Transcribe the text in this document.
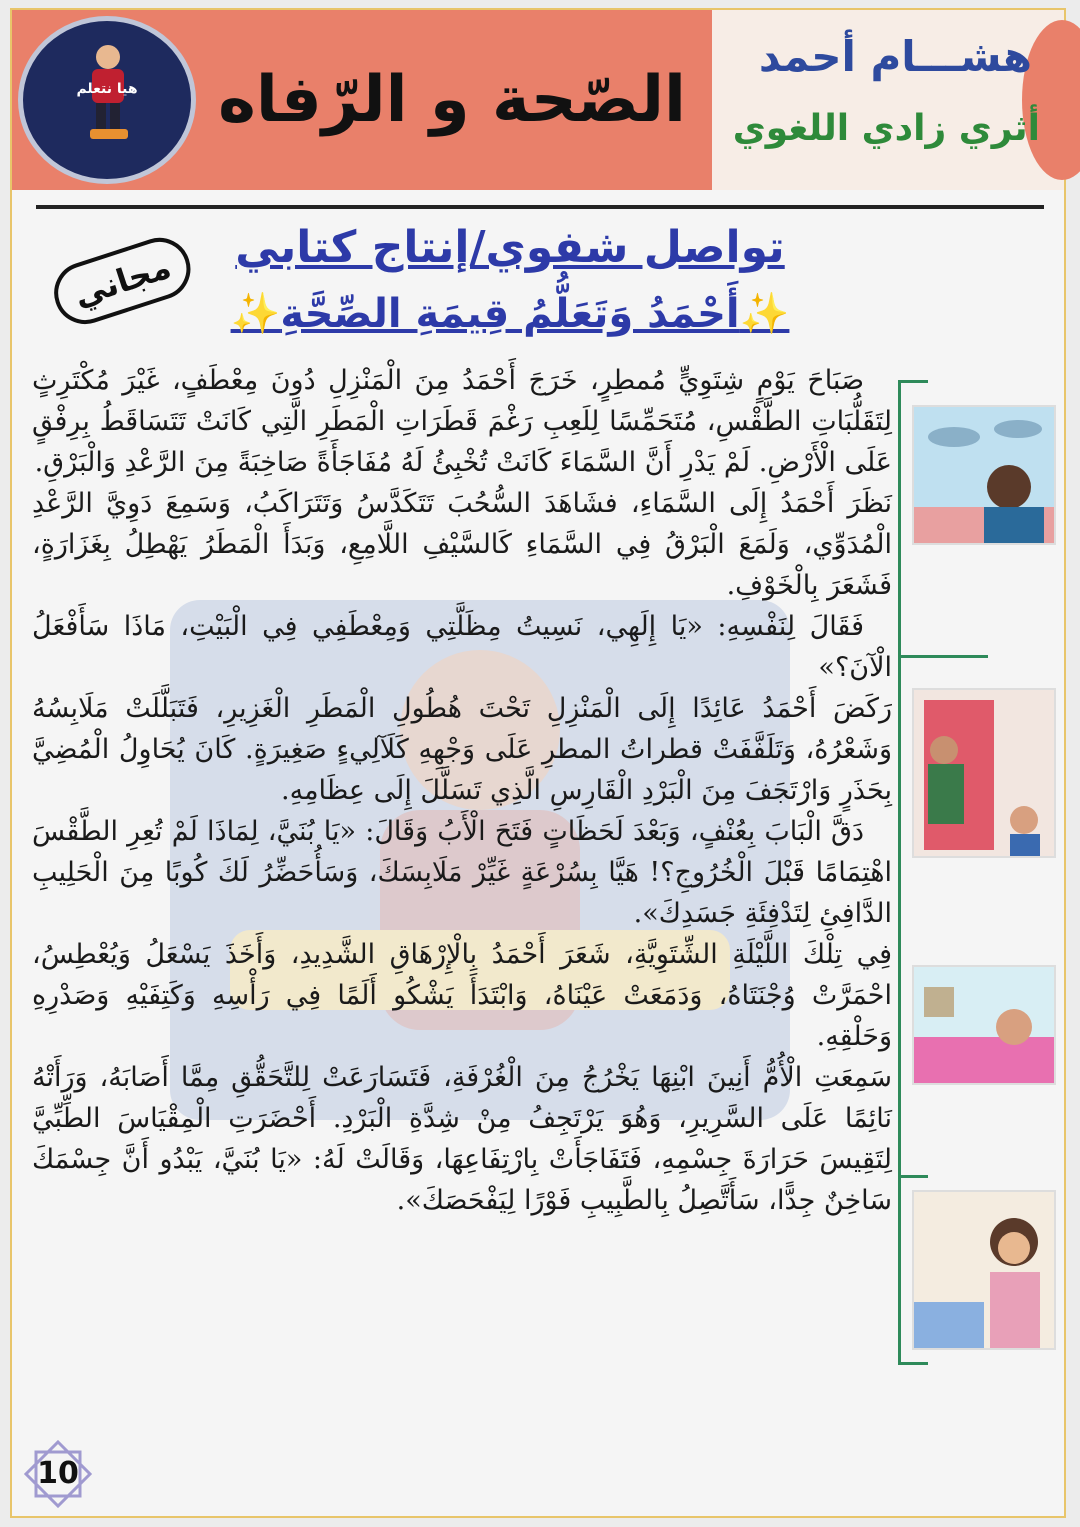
الصّحة و الرّفاه
هشـــام أحمد
أثري زادي اللغوي
هيا نتعلم
مجاني
تواصل شفوي/إنتاج كتابي
✨أَحْمَدُ وَتَعَلُّمُ قِيمَةِ الصِّحَّةِ✨

صَبَاحَ يَوْمٍ شِتَوِيٍّ مُمطِرٍ، خَرَجَ أَحْمَدُ مِنَ الْمَنْزِلِ دُونَ مِعْطَفٍ، غَيْرَ مُكْتَرِثٍ لِتَقَلُّبَاتِ الطَّقْسِ، مُتَحَمِّسًا لِلَعِبِ رَغْمَ قَطَرَاتِ الْمَطَرِ الَّتِي كَانَتْ تَتَسَاقَطُ بِرِفْقٍ عَلَى الْأَرْضِ. لَمْ يَدْرِ أَنَّ السَّمَاءَ كَانَتْ تُخْبِئُ لَهُ مُفَاجَأَةً صَاخِبَةً مِنَ الرَّعْدِ وَالْبَرْقِ.

نَظَرَ أَحْمَدُ إِلَى السَّمَاءِ، فشَاهَدَ السُّحُبَ تَتَكَدَّسُ وَتَتَرَاكَبُ، وَسَمِعَ دَوِيَّ الرَّعْدِ الْمُدَوِّي، وَلَمَعَ الْبَرْقُ فِي السَّمَاءِ كَالسَّيْفِ اللَّامِعِ، وَبَدَأَ الْمَطَرُ يَهْطِلُ بِغَزَارَةٍ، فَشَعَرَ بِالْخَوْفِ.

فَقَالَ لِنَفْسِهِ: «يَا إِلَهِي، نَسِيتُ مِظَلَّتِي وَمِعْطَفِي فِي الْبَيْتِ، مَاذَا سَأَفْعَلُ الْآنَ؟»

رَكَضَ أَحْمَدُ عَائِدًا إِلَى الْمَنْزِلِ تَحْتَ هُطُولِ الْمَطَرِ الْغَزِيرِ، فَتَبَلَّلَتْ مَلَابِسُهُ وَشَعْرُهُ، وَتَلَفَّفَتْ قطراتُ المطرِ عَلَى وَجْهِهِ كَلَآلِيءٍ صَغِيرَةٍ. كَانَ يُحَاوِلُ الْمُضِيَّ بِحَذَرٍ وَارْتَجَفَ مِنَ الْبَرْدِ الْقَارِسِ الَّذِي تَسَلَّلَ إِلَى عِظَامِهِ.

دَقَّ الْبَابَ بِعُنْفٍ، وَبَعْدَ لَحَظَاتٍ فَتَحَ الْأَبُ وَقَالَ: «يَا بُنَيَّ، لِمَاذَا لَمْ تُعِرِ الطَّقْسَ اهْتِمَامًا قَبْلَ الْخُرُوجِ؟! هَيَّا بِسُرْعَةٍ غَيِّرْ مَلَابِسَكَ، وَسَأُحَضِّرُ لَكَ كُوبًا مِنَ الْحَلِيبِ الدَّافِئِ لِتَدْفِئَةِ جَسَدِكَ».

فِي تِلْكَ اللَّيْلَةِ الشِّتَوِيَّةِ، شَعَرَ أَحْمَدُ بِالْإِرْهَاقِ الشَّدِيدِ، وَأَخَذَ يَسْعَلُ وَيُعْطِسُ، احْمَرَّتْ وُجْنَتَاهُ، وَدَمَعَتْ عَيْنَاهُ، وَابْتَدَأَ يَشْكُو أَلَمًا فِي رَأْسِهِ وَكَتِفَيْهِ وَصَدْرِهِ وَحَلْقِهِ.

سَمِعَتِ الْأُمُّ أَنِينَ ابْنِهَا يَخْرُجُ مِنَ الْغُرْفَةِ، فَتَسَارَعَتْ لِلتَّحَقُّقِ مِمَّا أَصَابَهُ، وَرَأَتْهُ نَائِمًا عَلَى السَّرِيرِ، وَهُوَ يَرْتَجِفُ مِنْ شِدَّةِ الْبَرْدِ. أَحْضَرَتِ الْمِقْيَاسَ الطِّبِّيَّ لِتَقِيسَ حَرَارَةَ جِسْمِهِ، فَتَفَاجَأَتْ بِارْتِفَاعِهَا، وَقَالَتْ لَهُ: «يَا بُنَيَّ، يَبْدُو أَنَّ جِسْمَكَ سَاخِنٌ جِدًّا، سَأَتَّصِلُ بِالطَّبِيبِ فَوْرًا لِيَفْحَصَكَ».

10
